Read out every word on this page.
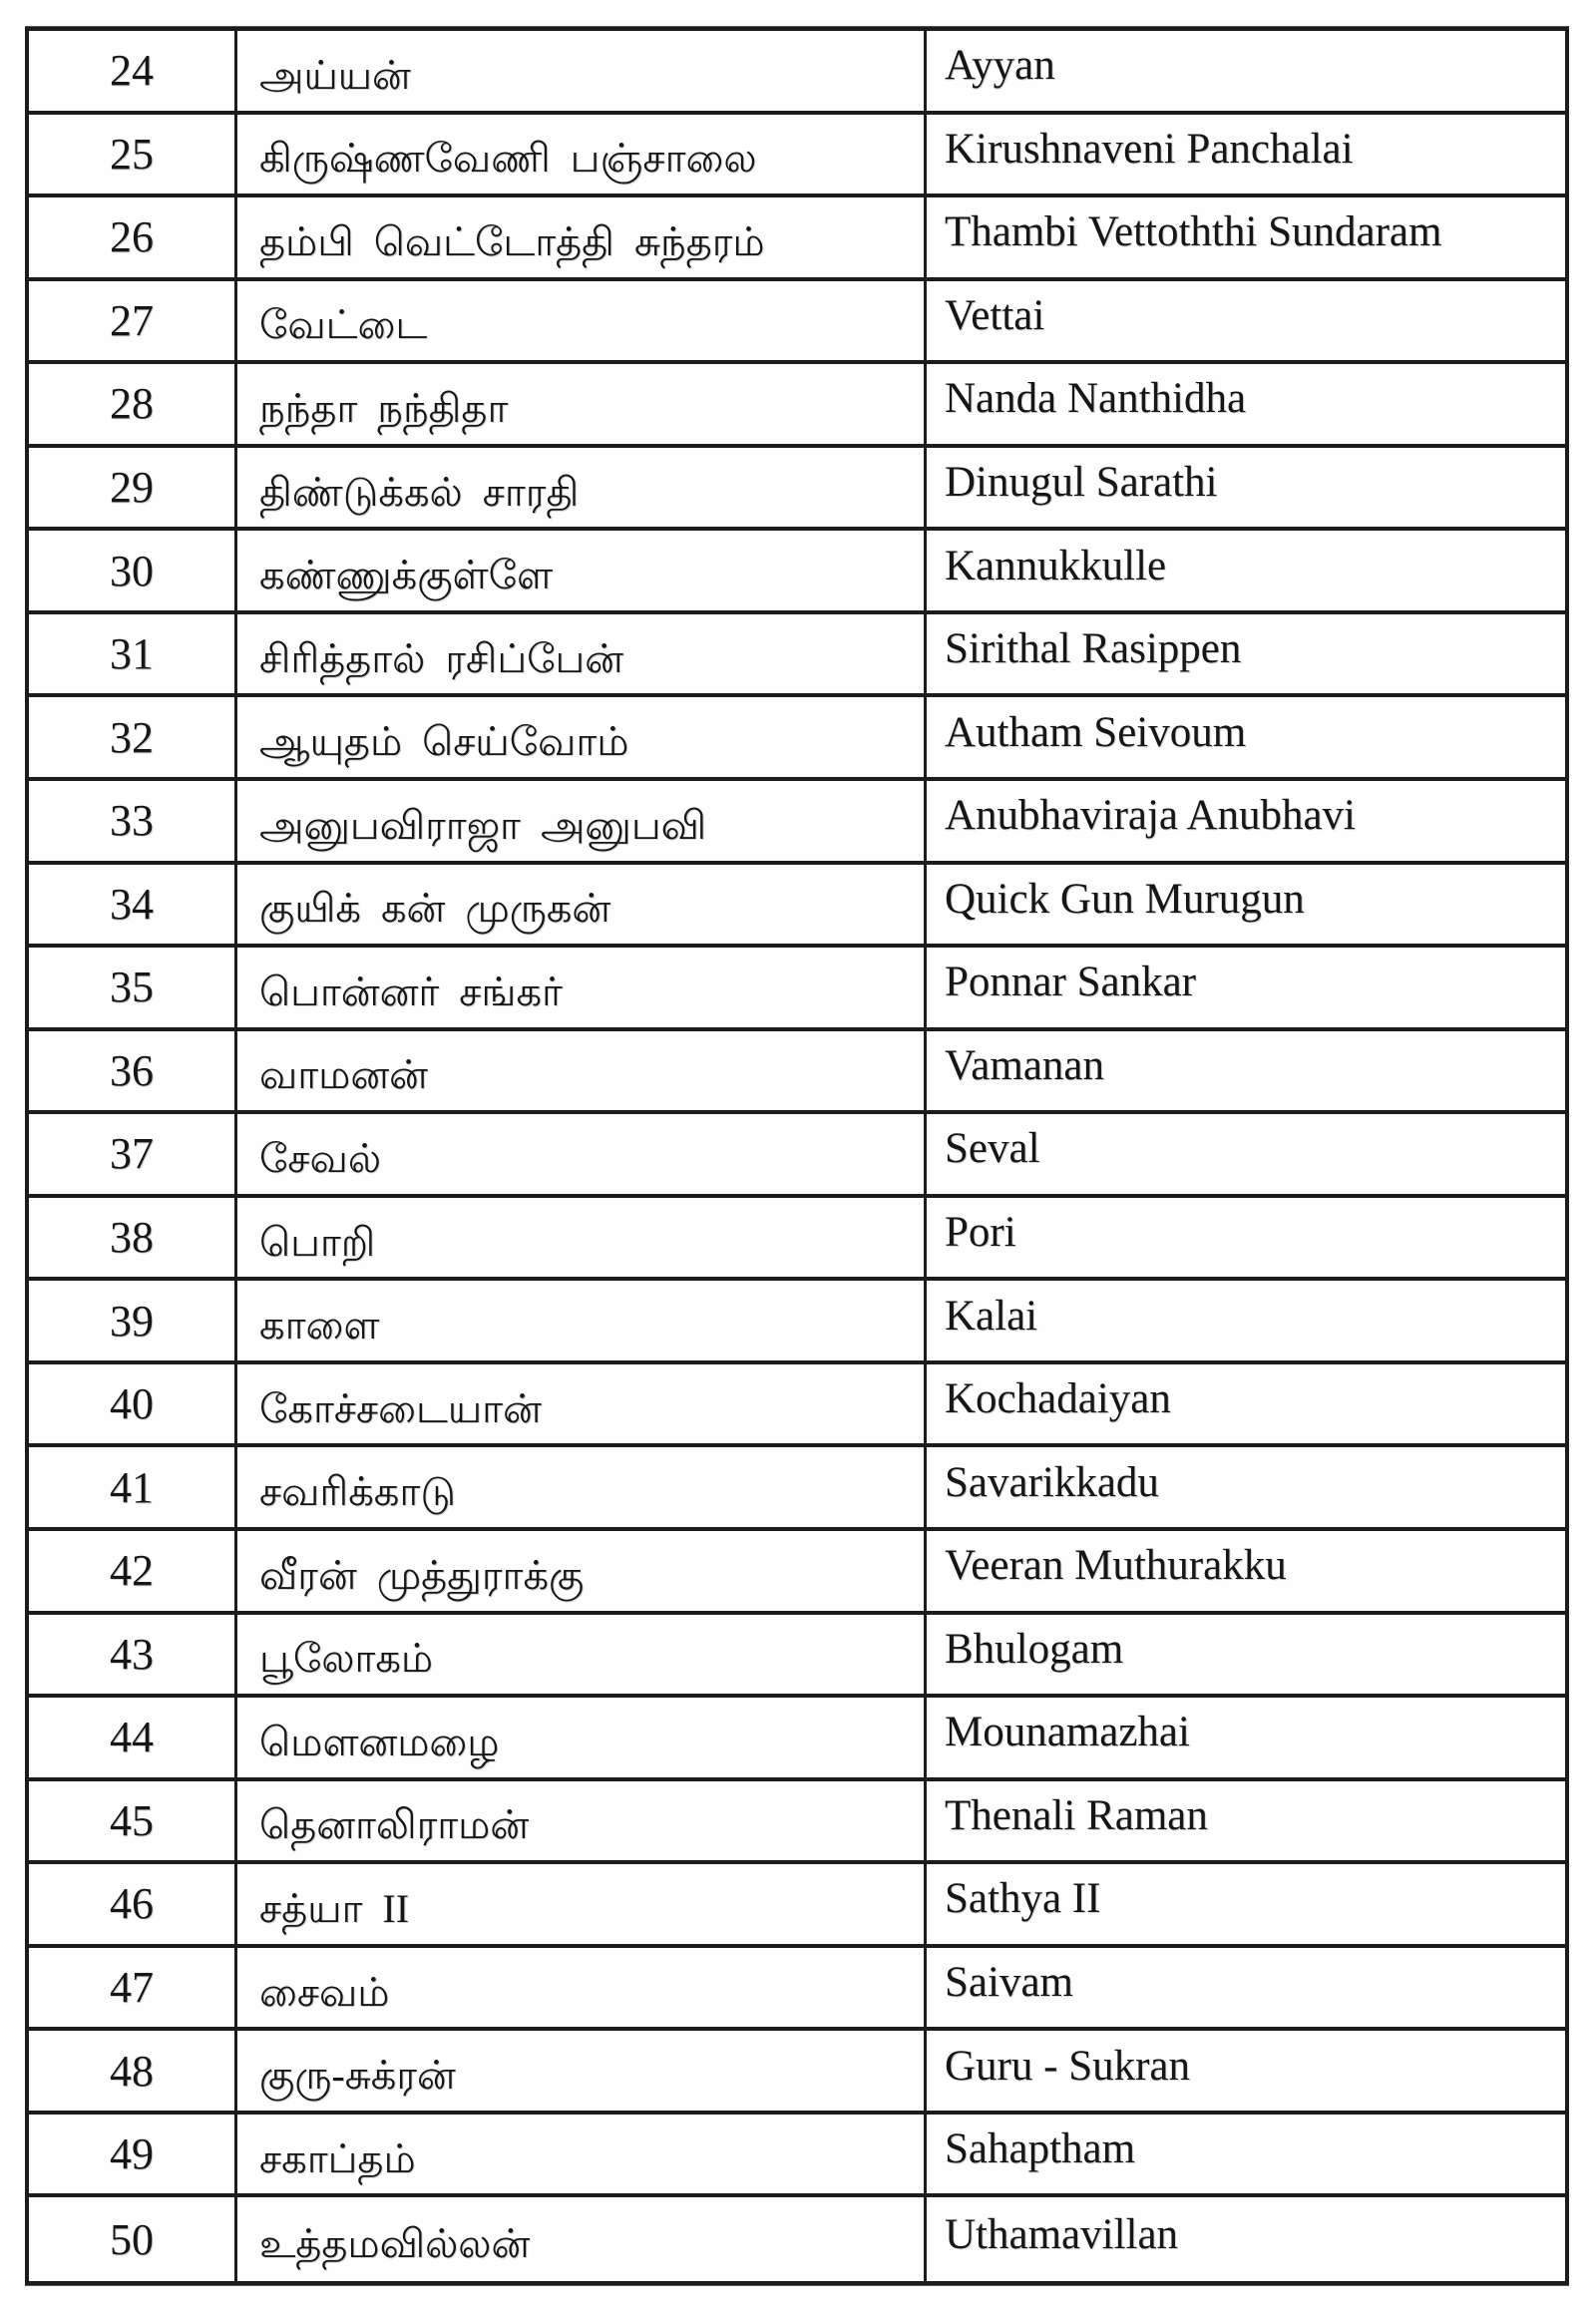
24	அய்யன்	Ayyan
25	கிருஷ்ணவேணி பஞ்சாலை	Kirushnaveni Panchalai
26	தம்பி வெட்டோத்தி சுந்தரம்	Thambi Vettoththi Sundaram
27	வேட்டை	Vettai
28	நந்தா நந்திதா	Nanda Nanthidha
29	திண்டுக்கல் சாரதி	Dinugul Sarathi
30	கண்ணுக்குள்ளே	Kannukkulle
31	சிரித்தால் ரசிப்பேன்	Sirithal Rasippen
32	ஆயுதம் செய்வோம்	Autham Seivoum
33	அனுபவிராஜா அனுபவி	Anubhaviraja Anubhavi
34	குயிக் கன் முருகன்	Quick Gun Murugun
35	பொன்னர் சங்கர்	Ponnar Sankar
36	வாமனன்	Vamanan
37	சேவல்	Seval
38	பொறி	Pori
39	காளை	Kalai
40	கோச்சடையான்	Kochadaiyan
41	சவரிக்காடு	Savarikkadu
42	வீரன் முத்துராக்கு	Veeran Muthurakku
43	பூலோகம்	Bhulogam
44	மௌனமழை	Mounamazhai
45	தெனாலிராமன்	Thenali Raman
46	சத்யா II	Sathya II
47	சைவம்	Saivam
48	குரு-சுக்ரன்	Guru - Sukran
49	சகாப்தம்	Sahaptham
50	உத்தமவில்லன்	Uthamavillan
